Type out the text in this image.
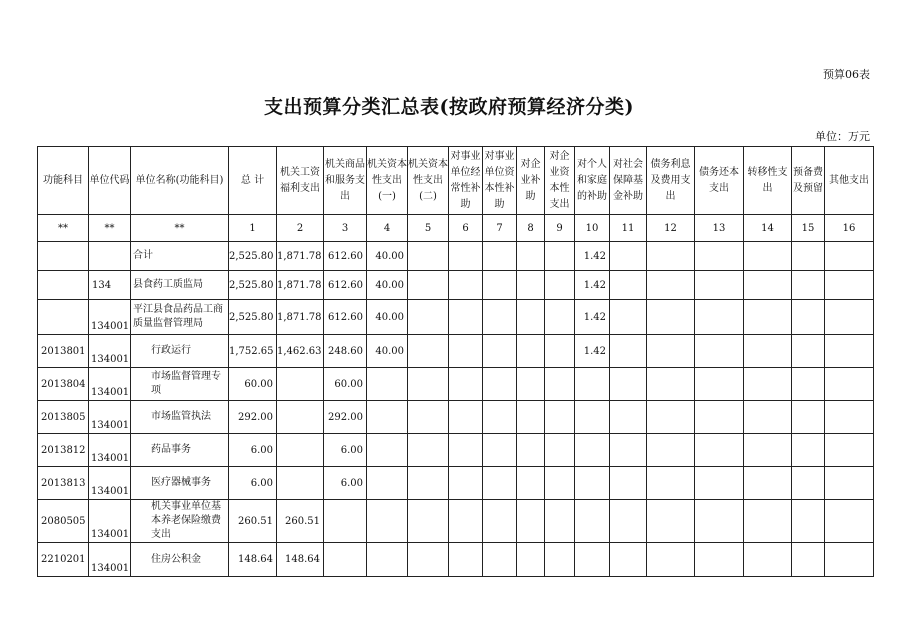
预算06表
支出预算分类汇总表(按政府预算经济分类)
单位：万元
功能科目	单位代码	单位名称(功能科目)	总 计	机关工资福利支出	机关商品和服务支出	机关资本性支出(一)	机关资本性支出(二)	对事业单位经常性补助	对事业单位资本性补助	对企业补助	对企业资本性支出	对个人和家庭的补助	对社会保障基金补助	债务利息及费用支出	债务还本支出	转移性支出	预备费及预留	其他支出
**	**	**	1	2	3	4	5	6	7	8	9	10	11	12	13	14	15	16
		合计	2,525.80	1,871.78	612.60	40.00						1.42						
	134	县食药工质监局	2,525.80	1,871.78	612.60	40.00						1.42						
	134001	平江县食品药品工商质量监督管理局	2,525.80	1,871.78	612.60	40.00						1.42						
2013801	134001	行政运行	1,752.65	1,462.63	248.60	40.00						1.42						
2013804	134001	市场监督管理专项	60.00		60.00													
2013805	134001	市场监管执法	292.00		292.00													
2013812	134001	药品事务	6.00		6.00													
2013813	134001	医疗器械事务	6.00		6.00													
2080505	134001	机关事业单位基本养老保险缴费支出	260.51	260.51														
2210201	134001	住房公积金	148.64	148.64														
